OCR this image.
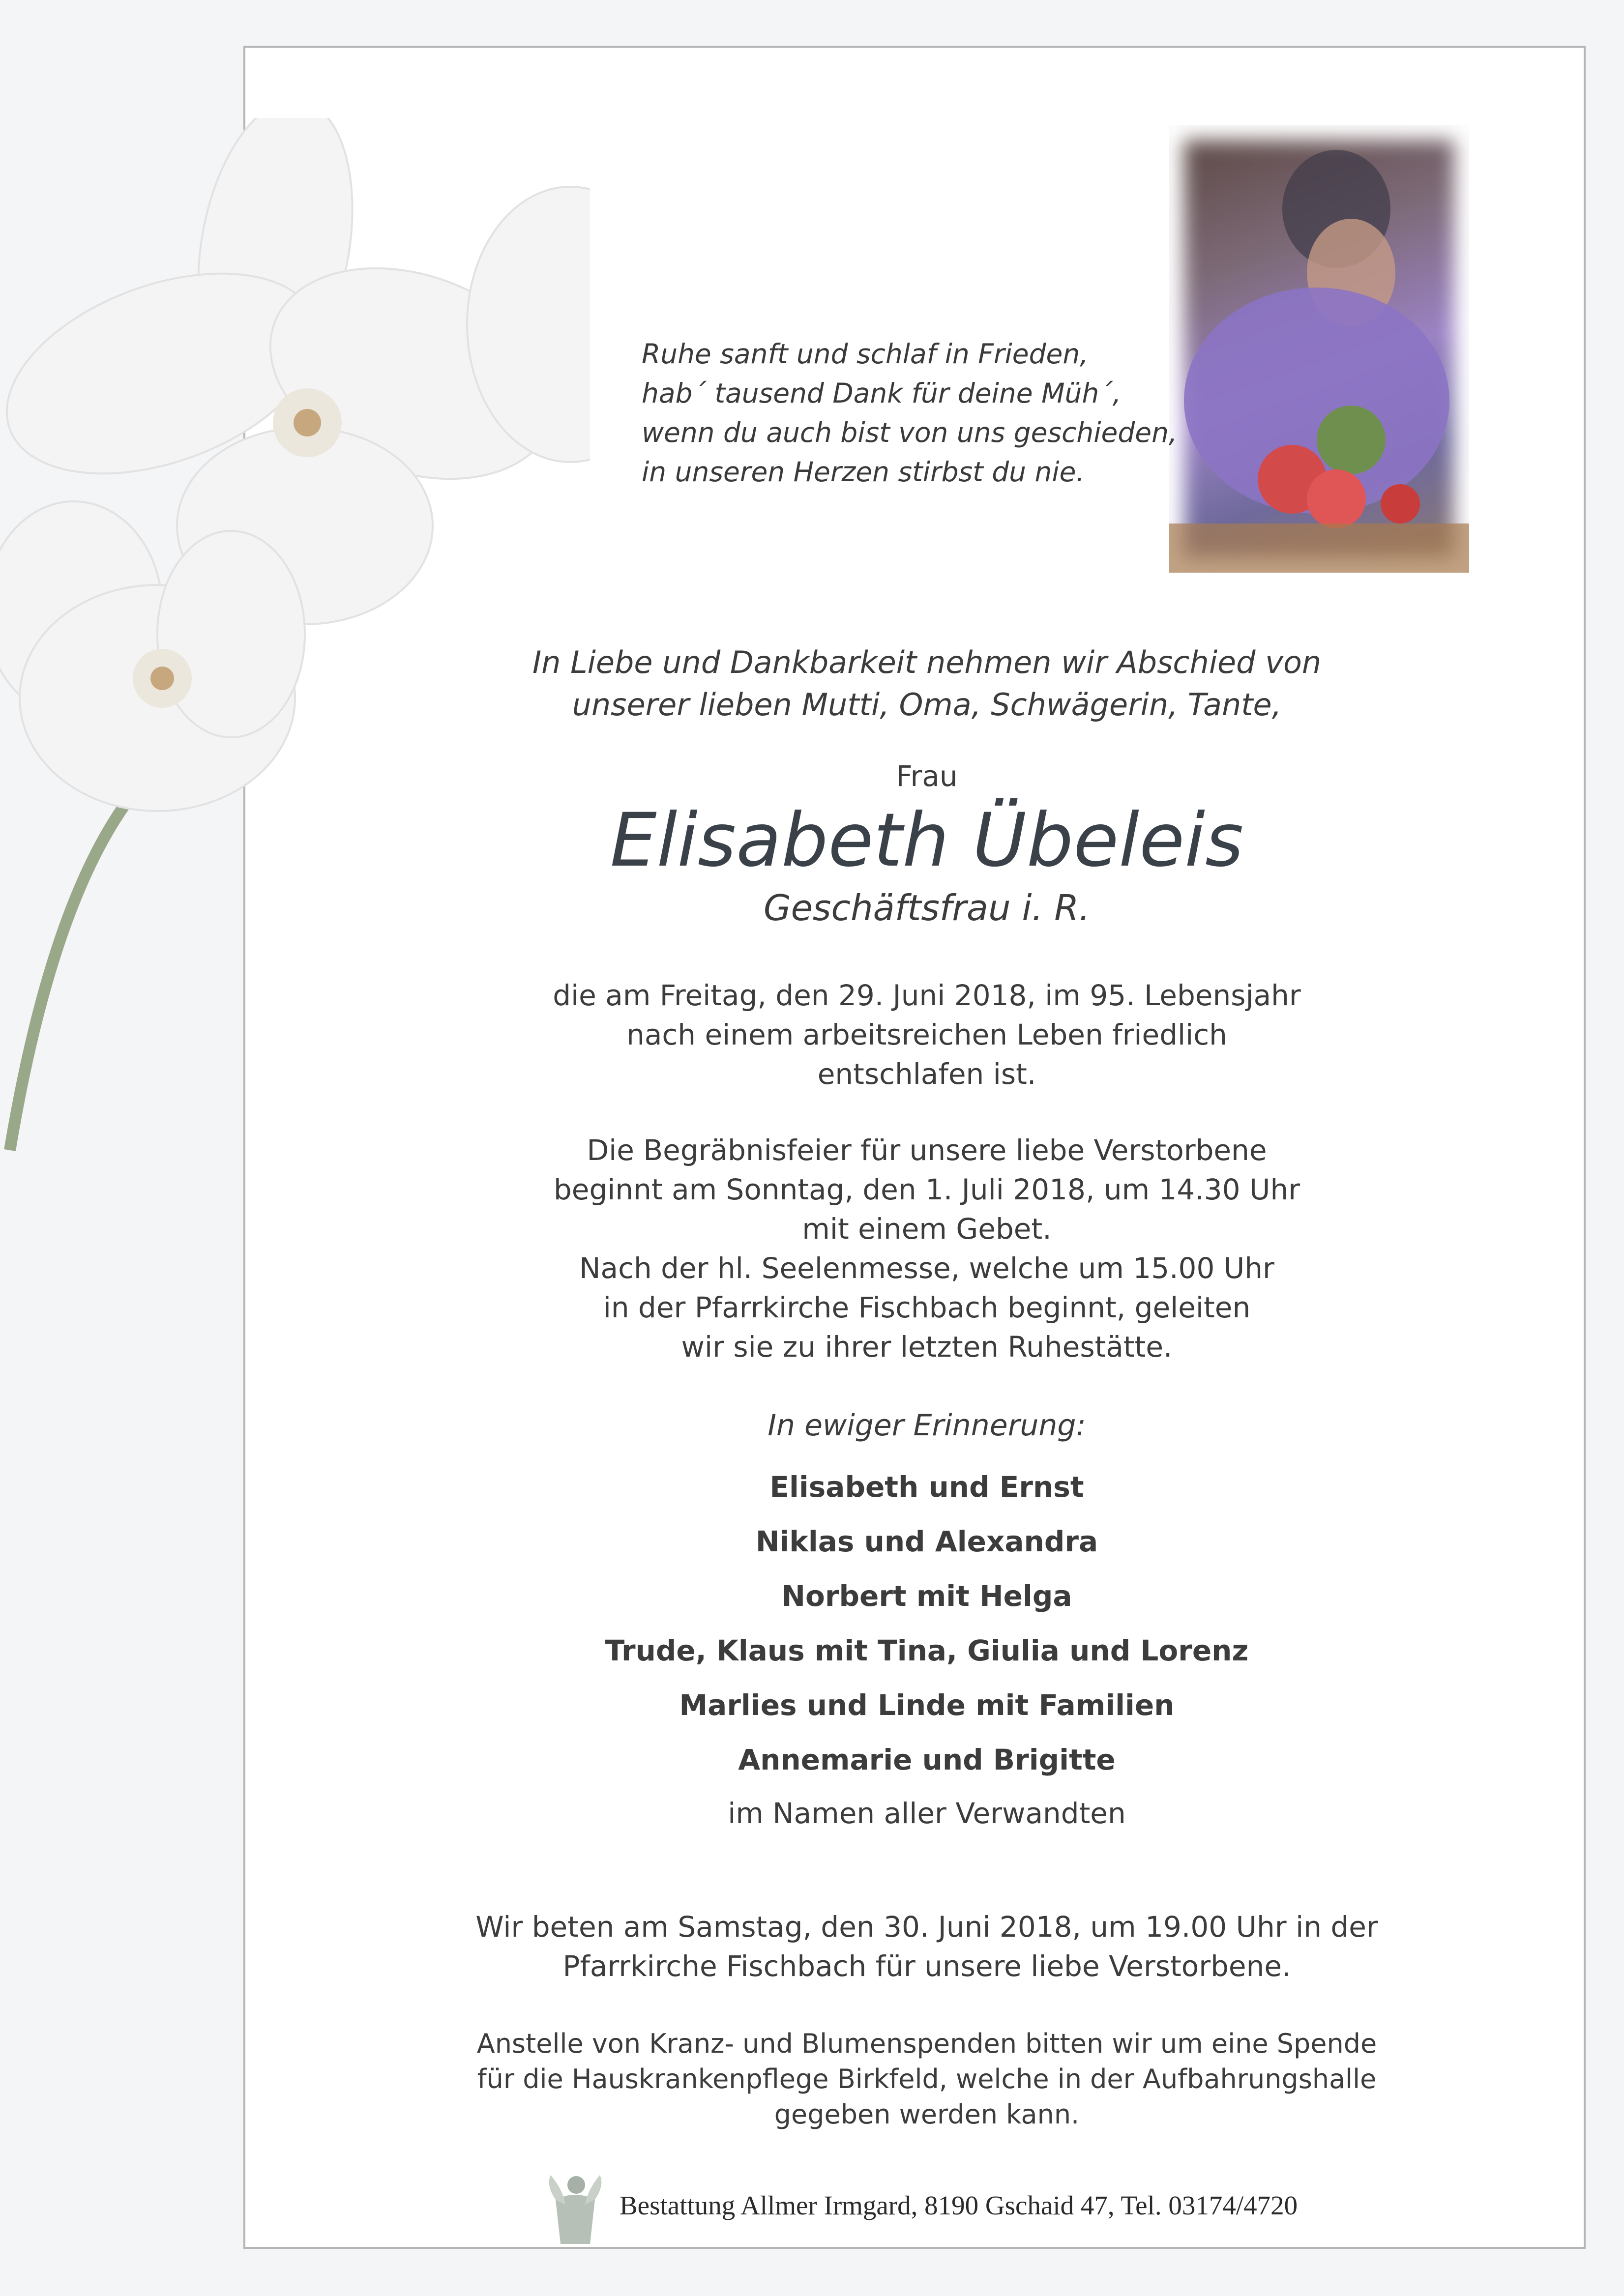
Ruhe sanft und schlaf in Frieden,
hab´ tausend Dank für deine Müh´,
wenn du auch bist von uns geschieden,
in unseren Herzen stirbst du nie.
In Liebe und Dankbarkeit nehmen wir Abschied von
unserer lieben Mutti, Oma, Schwägerin, Tante,
Frau
Elisabeth Übeleis
Geschäftsfrau i. R.
die am Freitag, den 29. Juni 2018, im 95. Lebensjahr
nach einem arbeitsreichen Leben friedlich
entschlafen ist.
Die Begräbnisfeier für unsere liebe Verstorbene
beginnt am Sonntag, den 1. Juli 2018, um 14.30 Uhr
mit einem Gebet.
Nach der hl. Seelenmesse, welche um 15.00 Uhr
in der Pfarrkirche Fischbach beginnt, geleiten
wir sie zu ihrer letzten Ruhestätte.
In ewiger Erinnerung:
Elisabeth und Ernst
Niklas und Alexandra
Norbert mit Helga
Trude, Klaus mit Tina, Giulia und Lorenz
Marlies und Linde mit Familien
Annemarie und Brigitte
im Namen aller Verwandten
Wir beten am Samstag, den 30. Juni 2018, um 19.00 Uhr in der
Pfarrkirche Fischbach für unsere liebe Verstorbene.
Anstelle von Kranz- und Blumenspenden bitten wir um eine Spende
für die Hauskrankenpflege Birkfeld, welche in der Aufbahrungshalle
gegeben werden kann.
Bestattung Allmer Irmgard, 8190 Gschaid 47, Tel. 03174/4720
